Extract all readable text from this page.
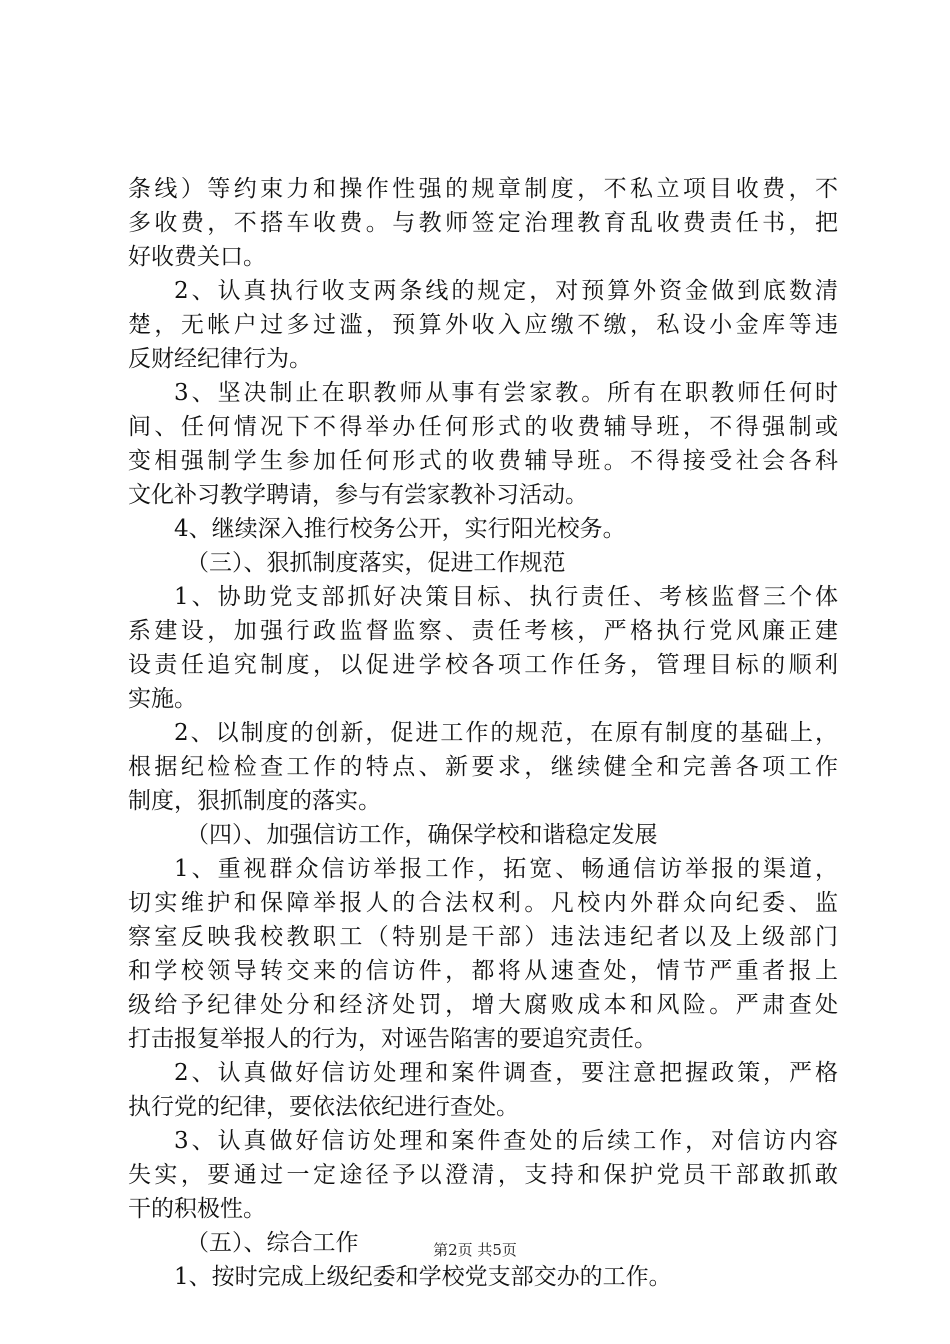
条线）等约束力和操作性强的规章制度，不私立项目收费，不
多收费，不搭车收费。与教师签定治理教育乱收费责任书，把
好收费关口。
2、认真执行收支两条线的规定，对预算外资金做到底数清
楚，无帐户过多过滥，预算外收入应缴不缴，私设小金库等违
反财经纪律行为。
3、坚决制止在职教师从事有尝家教。所有在职教师任何时
间、任何情况下不得举办任何形式的收费辅导班，不得强制或
变相强制学生参加任何形式的收费辅导班。不得接受社会各科
文化补习教学聘请，参与有尝家教补习活动。
4、继续深入推行校务公开，实行阳光校务。
（三）、狠抓制度落实，促进工作规范
1、协助党支部抓好决策目标、执行责任、考核监督三个体
系建设，加强行政监督监察、责任考核，严格执行党风廉正建
设责任追究制度，以促进学校各项工作任务，管理目标的顺利
实施。
2、以制度的创新，促进工作的规范，在原有制度的基础上，
根据纪检检查工作的特点、新要求，继续健全和完善各项工作
制度，狠抓制度的落实。
（四）、加强信访工作，确保学校和谐稳定发展
1、重视群众信访举报工作，拓宽、畅通信访举报的渠道，
切实维护和保障举报人的合法权利。凡校内外群众向纪委、监
察室反映我校教职工（特别是干部）违法违纪者以及上级部门
和学校领导转交来的信访件，都将从速查处，情节严重者报上
级给予纪律处分和经济处罚，增大腐败成本和风险。严肃查处
打击报复举报人的行为，对诬告陷害的要追究责任。
2、认真做好信访处理和案件调查，要注意把握政策，严格
执行党的纪律，要依法依纪进行查处。
3、认真做好信访处理和案件查处的后续工作，对信访内容
失实，要通过一定途径予以澄清，支持和保护党员干部敢抓敢
干的积极性。
（五）、综合工作
1、按时完成上级纪委和学校党支部交办的工作。
第2页 共5页
